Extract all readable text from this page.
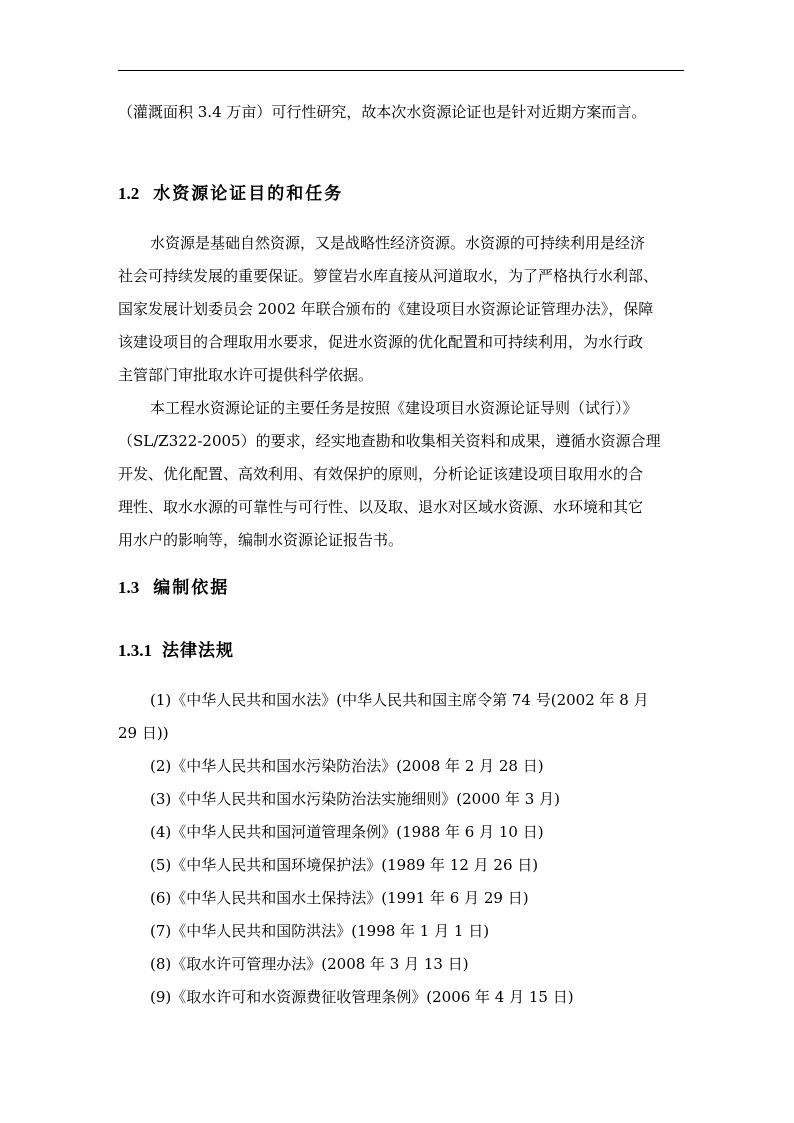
（灌溉面积 3.4 万亩）可行性研究，故本次水资源论证也是针对近期方案而言。
1.2 水资源论证目的和任务
水资源是基础自然资源，又是战略性经济资源。水资源的可持续利用是经济
社会可持续发展的重要保证。箩筐岩水库直接从河道取水，为了严格执行水利部、
国家发展计划委员会 2002 年联合颁布的《建设项目水资源论证管理办法》，保障
该建设项目的合理取用水要求，促进水资源的优化配置和可持续利用，为水行政
主管部门审批取水许可提供科学依据。
本工程水资源论证的主要任务是按照《建设项目水资源论证导则（试行）》
（SL/Z322-2005）的要求，经实地查勘和收集相关资料和成果，遵循水资源合理
开发、优化配置、高效利用、有效保护的原则，分析论证该建设项目取用水的合
理性、取水水源的可靠性与可行性、以及取、退水对区域水资源、水环境和其它
用水户的影响等，编制水资源论证报告书。
1.3 编制依据
1.3.1 法律法规
(1)《中华人民共和国水法》(中华人民共和国主席令第 74 号(2002 年 8 月
29 日))
(2)《中华人民共和国水污染防治法》(2008 年 2 月 28 日)
(3)《中华人民共和国水污染防治法实施细则》(2000 年 3 月)
(4)《中华人民共和国河道管理条例》(1988 年 6 月 10 日)
(5)《中华人民共和国环境保护法》(1989 年 12 月 26 日)
(6)《中华人民共和国水土保持法》(1991 年 6 月 29 日)
(7)《中华人民共和国防洪法》(1998 年 1 月 1 日)
(8)《取水许可管理办法》(2008 年 3 月 13 日)
(9)《取水许可和水资源费征收管理条例》(2006 年 4 月 15 日)
